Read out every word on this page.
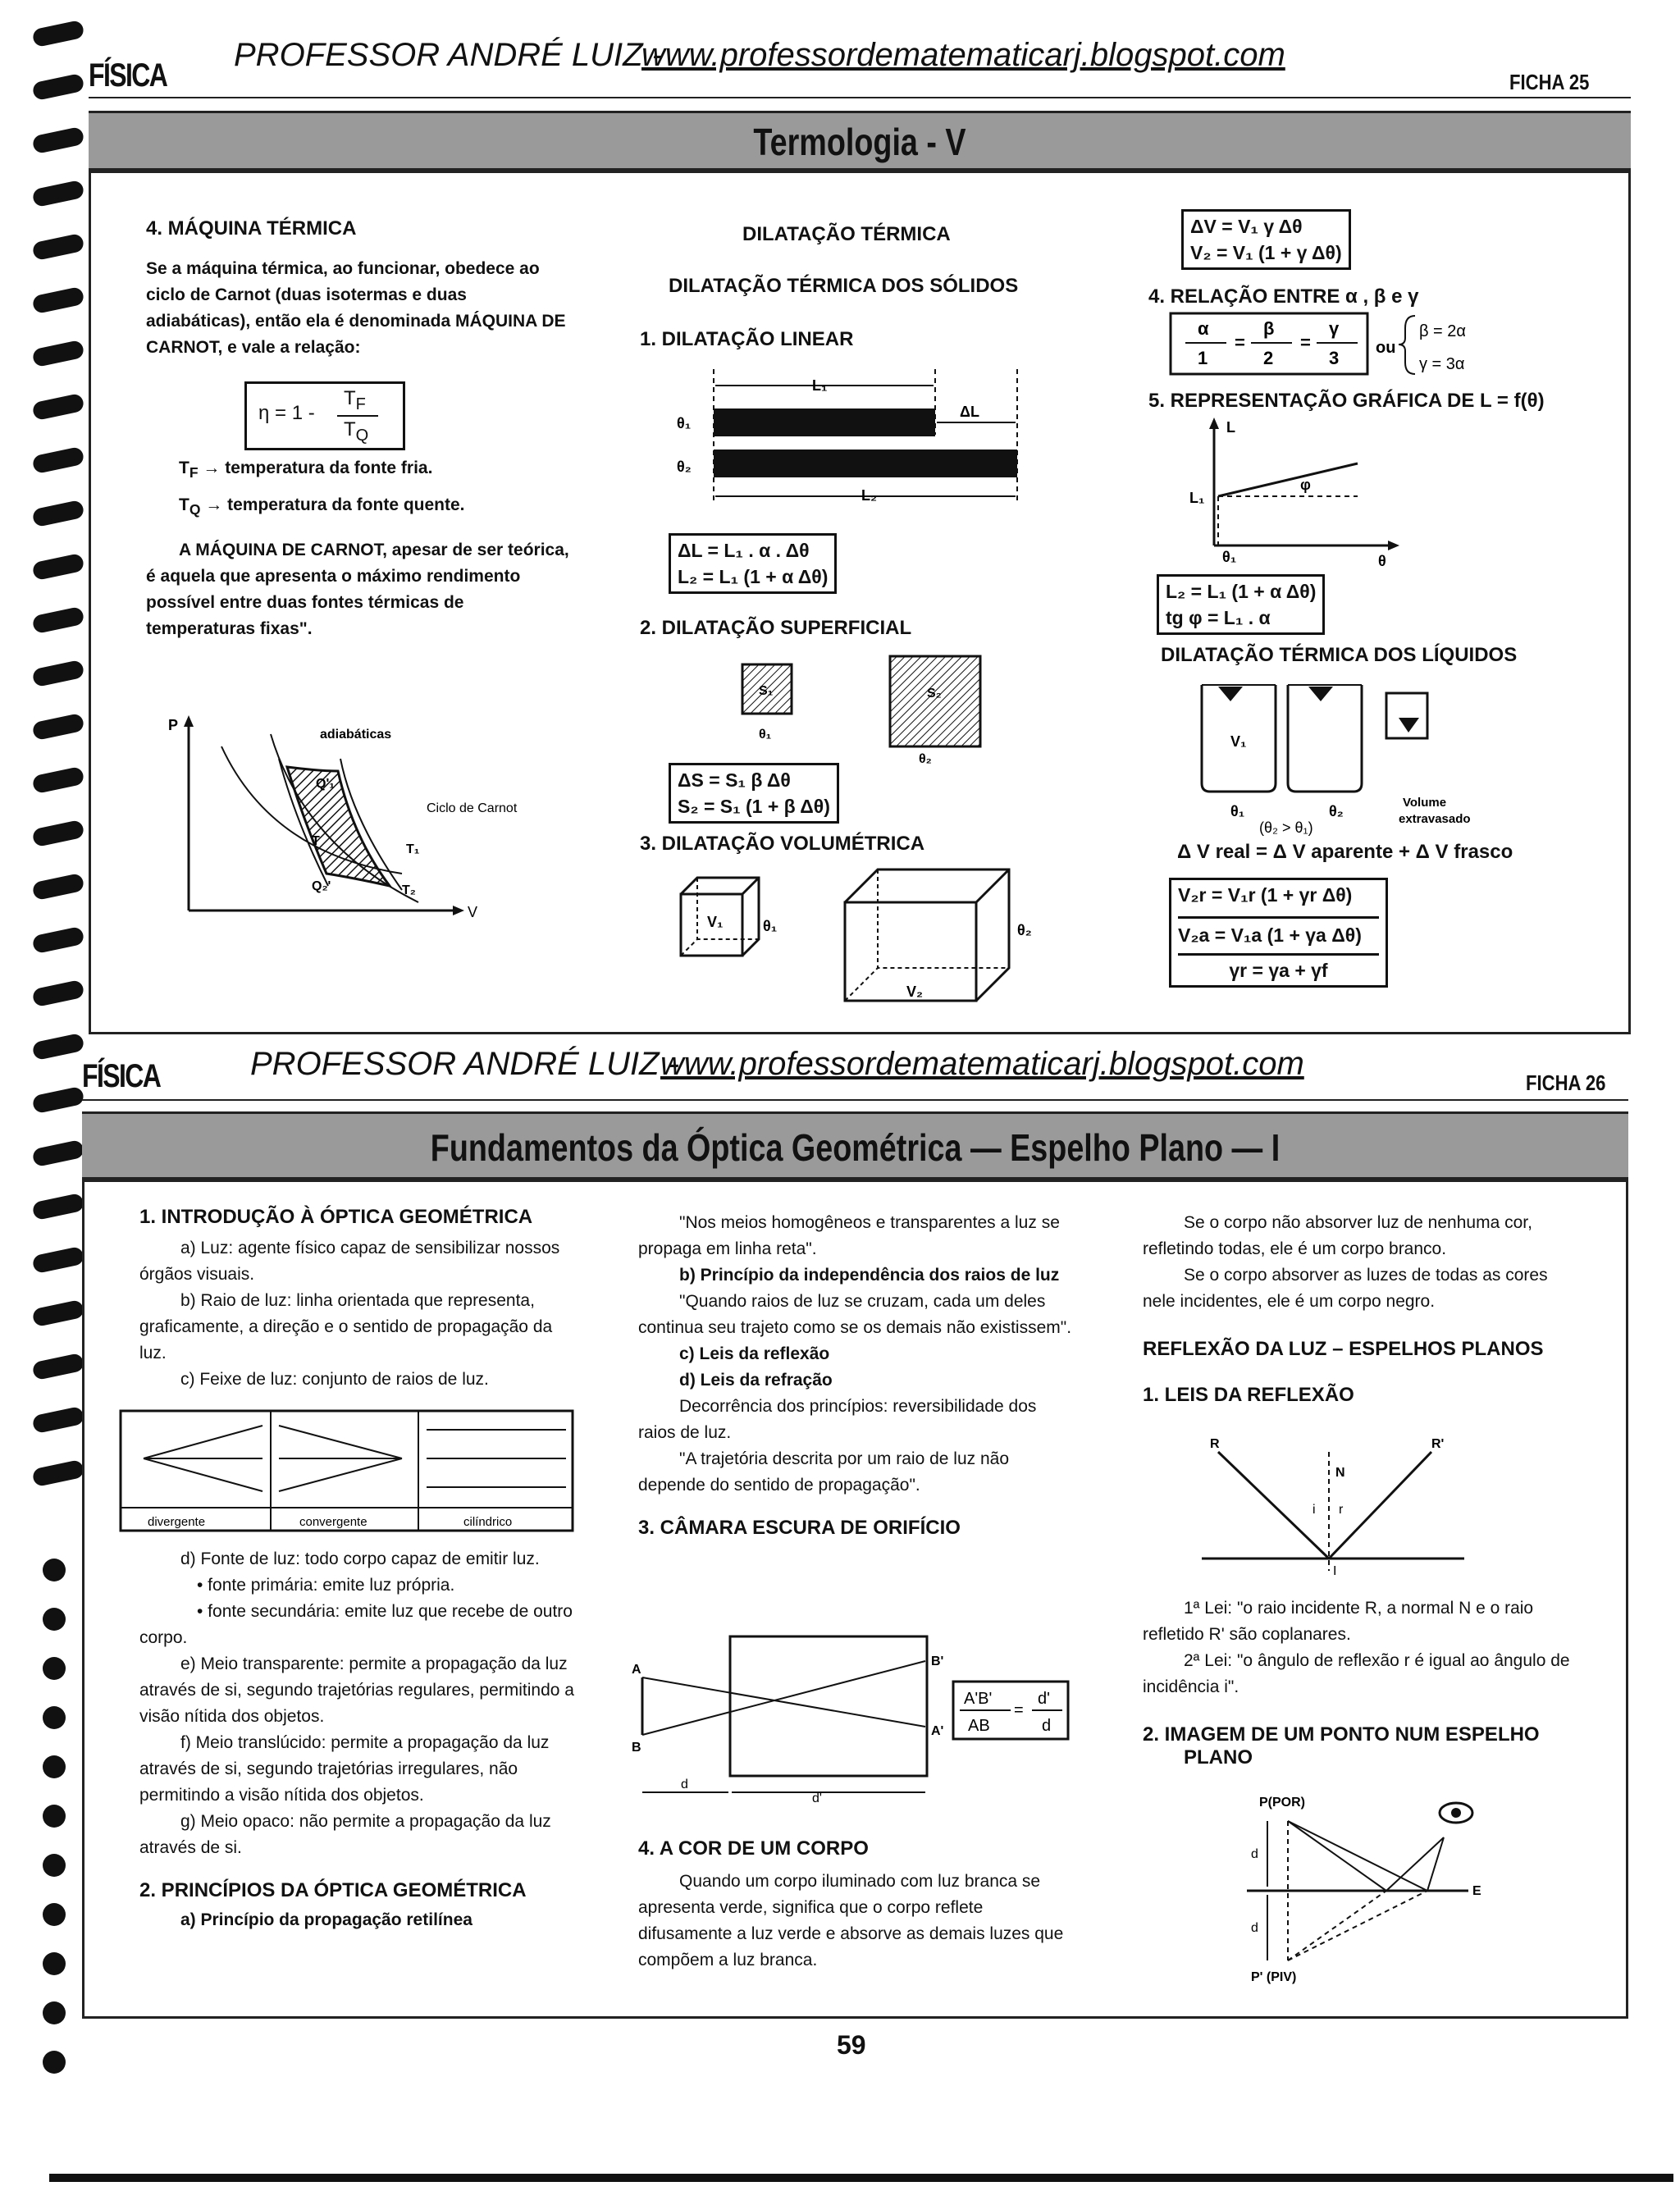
FÍSICA
PROFESSOR ANDRÉ LUIZ -
www.professordematematicarj.blogspot.com
FICHA 25
Termologia - V
4. MÁQUINA TÉRMICA
Se a máquina térmica, ao funcionar, obedece ao ciclo de Carnot (duas isotermas e duas adiabáticas), então ela é denominada MÁQUINA DE CARNOT, e vale a relação:
η = 1 -
$T_F$
$T_Q$
$T_F$ → temperatura da fonte fria.
$T_Q$ → temperatura da fonte quente.
A MÁQUINA DE CARNOT, apesar de ser teórica, é aquela que apresenta o máximo rendimento possível entre duas fontes térmicas de temperaturas fixas".
adiabáticas
P
V
Ciclo de Carnot
Q'₁
Q₂'
T
T₁
T₂
DILATAÇÃO TÉRMICA
DILATAÇÃO TÉRMICA DOS SÓLIDOS
1. DILATAÇÃO LINEAR
L₁
ΔL
θ₁
θ₂
L₂
ΔL = L₁ . α . Δθ
L₂ = L₁ (1 + α Δθ)
2. DILATAÇÃO SUPERFICIAL
S₁	S₂
θ₁
θ₂
ΔS = S₁ β Δθ
S₂ = S₁ (1 + β Δθ)
3. DILATAÇÃO VOLUMÉTRICA
V₁	θ₁
V₂
θ₂
ΔV = V₁ γ Δθ
V₂ = V₁ (1 + γ Δθ)
4. RELAÇÃO ENTRE α , β e γ
α
1
=
β
2
=
γ
3 ou
β = 2α
γ = 3α
5. REPRESENTAÇÃO GRÁFICA DE L = f(θ)
L
L₁
φ
θ₁	θ
L₂ = L₁ (1 + α Δθ)
tg φ = L₁ . α
DILATAÇÃO TÉRMICA DOS LÍQUIDOS
V₁
θ₁	θ₂
(θ₂ > θ₁)
Volume
extravasado
Δ V real = Δ V aparente + Δ V frasco
V₂r = V₁r (1 + γr Δθ)
V₂a = V₁a (1 + γa Δθ)
γr = γa + γf
FÍSICA	PROFESSOR ANDRÉ LUIZ -
www.professordematematicarj.blogspot.com
FICHA 26
Fundamentos da Óptica Geométrica — Espelho Plano — I
1. INTRODUÇÃO À ÓPTICA GEOMÉTRICA
a) Luz: agente físico capaz de sensibilizar nossos órgãos visuais.
b) Raio de luz: linha orientada que representa, graficamente, a direção e o sentido de propagação da luz.
c) Feixe de luz: conjunto de raios de luz.
divergente	convergente	cilíndrico
d) Fonte de luz: todo corpo capaz de emitir luz.
• fonte primária: emite luz própria.
• fonte secundária: emite luz que recebe de outro corpo.
e) Meio transparente: permite a propagação da luz através de si, segundo trajetórias regulares, permitindo a visão nítida dos objetos.
f) Meio translúcido: permite a propagação da luz através de si, segundo trajetórias irregulares, não permitindo a visão nítida dos objetos.
g) Meio opaco: não permite a propagação da luz através de si.
2. PRINCÍPIOS DA ÓPTICA GEOMÉTRICA
a) Princípio da propagação retilínea
"Nos meios homogêneos e transparentes a luz se propaga em linha reta".
b) Princípio da independência dos raios de luz
"Quando raios de luz se cruzam, cada um deles continua seu trajeto como se os demais não existissem".
c) Leis da reflexão
d) Leis da refração
Decorrência dos princípios: reversibilidade dos raios de luz.
"A trajetória descrita por um raio de luz não depende do sentido de propagação".
3. CÂMARA ESCURA DE ORIFÍCIO
A
B
A'
B'
d
d'
A'B'
AB
=
d'
d
4. A COR DE UM CORPO
Quando um corpo iluminado com luz branca se apresenta verde, significa que o corpo reflete difusamente a luz verde e absorve as demais luzes que compõem a luz branca.
Se o corpo não absorver luz de nenhuma cor, refletindo todas, ele é um corpo branco.
Se o corpo absorver as luzes de todas as cores nele incidentes, ele é um corpo negro.
REFLEXÃO DA LUZ – ESPELHOS PLANOS
1. LEIS DA REFLEXÃO
R	R'
N
i r
I
1ª Lei: "o raio incidente R, a normal N e o raio refletido R' são coplanares.
2ª Lei: "o ângulo de reflexão r é igual ao ângulo de incidência i".
2. IMAGEM DE UM PONTO NUM ESPELHO PLANO
P(POR)
P' (PIV)
d
d
E
59
